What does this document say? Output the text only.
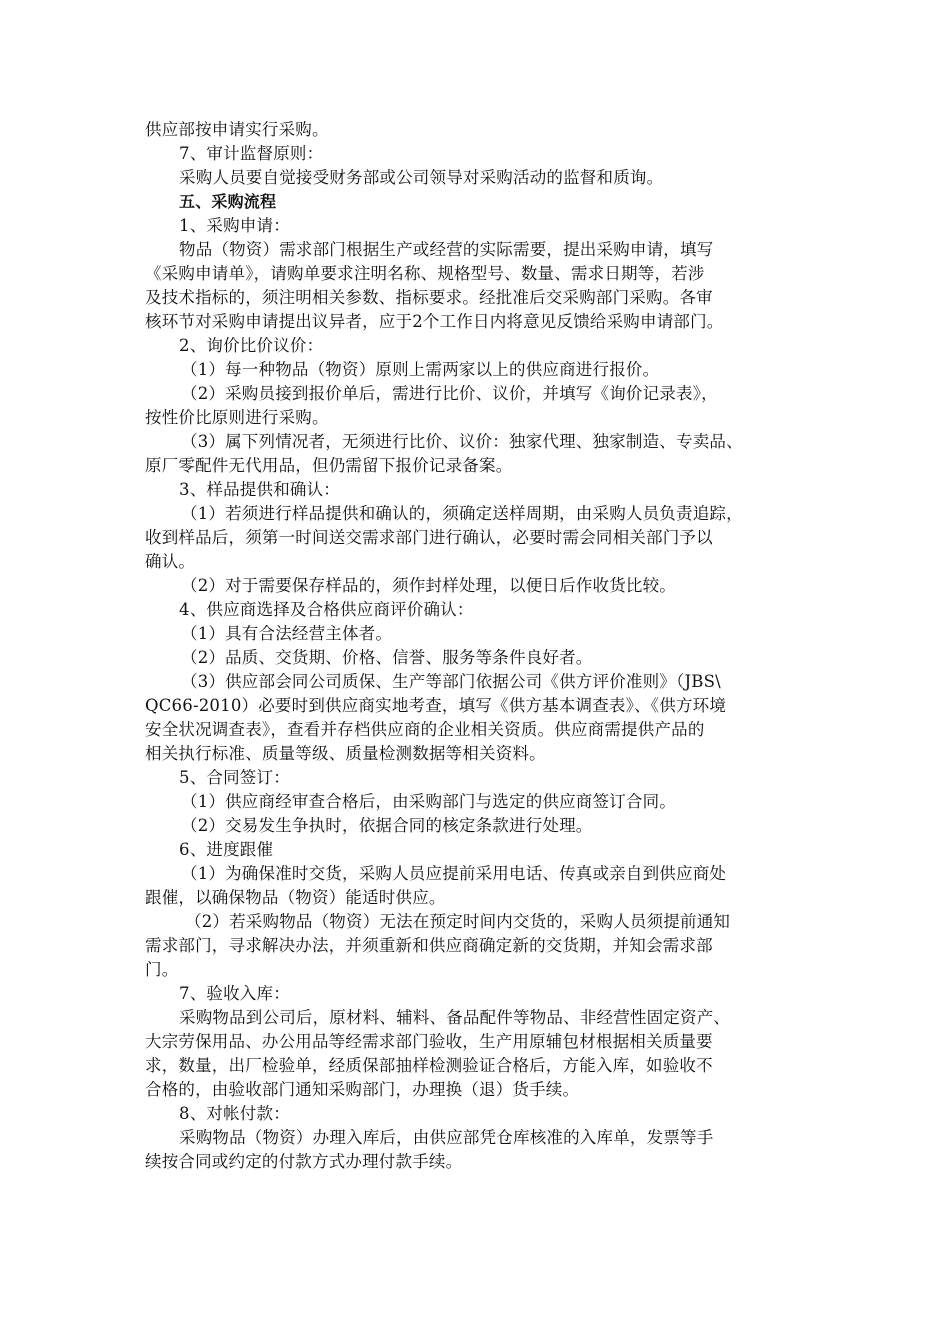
供应部按申请实行采购。
7、审计监督原则：
采购人员要自觉接受财务部或公司领导对采购活动的监督和质询。
五、采购流程
1、采购申请：
物品（物资）需求部门根据生产或经营的实际需要，提出采购申请，填写
《采购申请单》，请购单要求注明名称、规格型号、数量、需求日期等，若涉
及技术指标的，须注明相关参数、指标要求。经批准后交采购部门采购。各审
核环节对采购申请提出议异者，应于2个工作日内将意见反馈给采购申请部门。
2、询价比价议价：
（1）每一种物品（物资）原则上需两家以上的供应商进行报价。
（2）采购员接到报价单后，需进行比价、议价，并填写《询价记录表》，
按性价比原则进行采购。
（3）属下列情况者，无须进行比价、议价：独家代理、独家制造、专卖品、
原厂零配件无代用品，但仍需留下报价记录备案。
3、样品提供和确认：
（1）若须进行样品提供和确认的，须确定送样周期，由采购人员负责追踪，
收到样品后，须第一时间送交需求部门进行确认，必要时需会同相关部门予以
确认。
（2）对于需要保存样品的，须作封样处理，以便日后作收货比较。
4、供应商选择及合格供应商评价确认：
（1）具有合法经营主体者。
（2）品质、交货期、价格、信誉、服务等条件良好者。
（3）供应部会同公司质保、生产等部门依据公司《供方评价准则》（JBS\
QC66-2010）必要时到供应商实地考查，填写《供方基本调查表》、《供方环境
安全状况调查表》，查看并存档供应商的企业相关资质。供应商需提供产品的
相关执行标准、质量等级、质量检测数据等相关资料。
5、合同签订：
（1）供应商经审查合格后，由采购部门与选定的供应商签订合同。
（2）交易发生争执时，依据合同的核定条款进行处理。
6、进度跟催
（1）为确保准时交货，采购人员应提前采用电话、传真或亲自到供应商处
跟催，以确保物品（物资）能适时供应。
（2）若采购物品（物资）无法在预定时间内交货的，采购人员须提前通知
需求部门，寻求解决办法，并须重新和供应商确定新的交货期，并知会需求部
门。
7、验收入库：
采购物品到公司后，原材料、辅料、备品配件等物品、非经营性固定资产、
大宗劳保用品、办公用品等经需求部门验收，生产用原辅包材根据相关质量要
求，数量，出厂检验单，经质保部抽样检测验证合格后，方能入库，如验收不
合格的，由验收部门通知采购部门，办理换（退）货手续。
8、对帐付款：
采购物品（物资）办理入库后，由供应部凭仓库核准的入库单，发票等手
续按合同或约定的付款方式办理付款手续。
